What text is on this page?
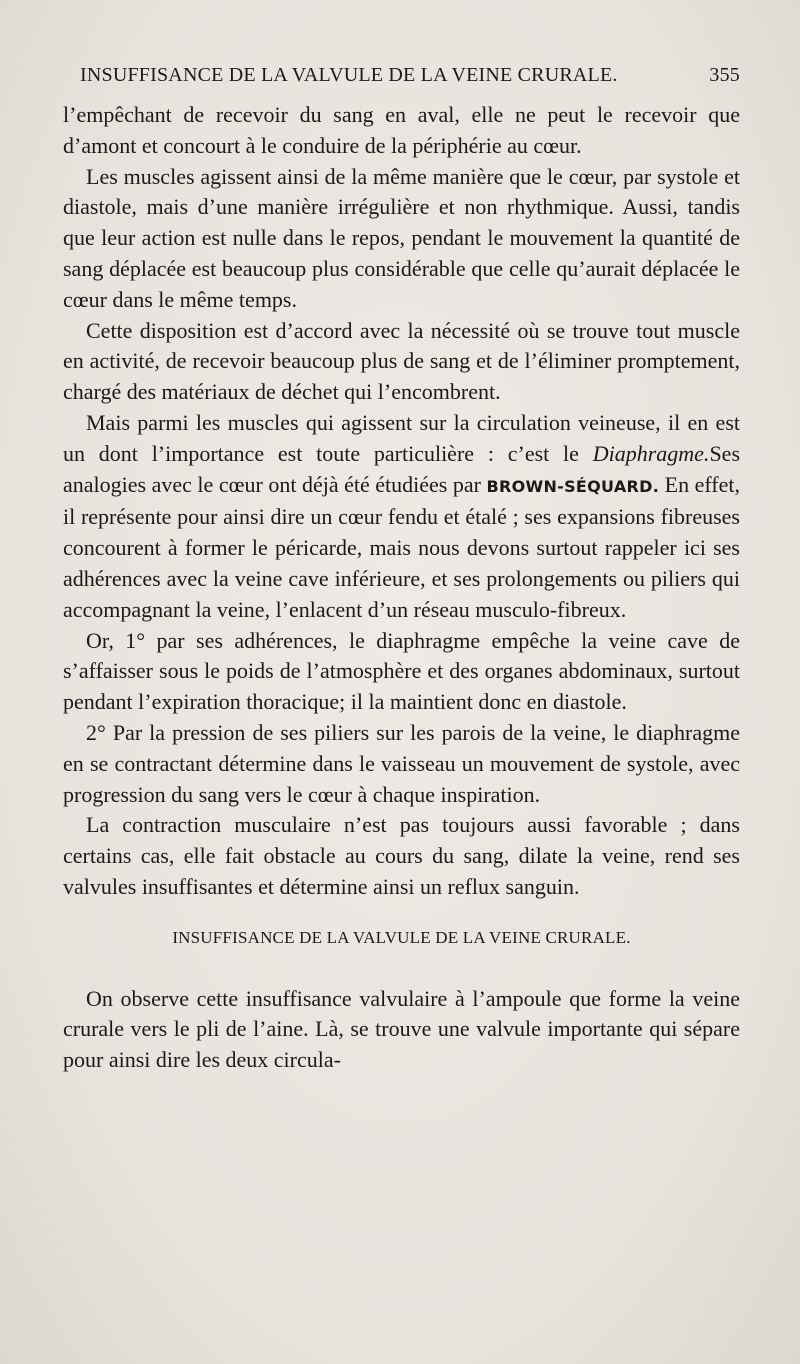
INSUFFISANCE DE LA VALVULE DE LA VEINE CRURALE.	355

l’empêchant de recevoir du sang en aval, elle ne peut le recevoir que d’amont et concourt à le conduire de la périphérie au cœur.

Les muscles agissent ainsi de la même manière que le cœur, par systole et diastole, mais d’une manière irrégulière et non rhythmique. Aussi, tandis que leur action est nulle dans le repos, pendant le mouvement la quantité de sang déplacée est beaucoup plus considérable que celle qu’aurait déplacée le cœur dans le même temps.

Cette disposition est d’accord avec la nécessité où se trouve tout muscle en activité, de recevoir beaucoup plus de sang et de l’éliminer promptement, chargé des matériaux de déchet qui l’encombrent.

Mais parmi les muscles qui agissent sur la circulation veineuse, il en est un dont l’importance est toute particulière : c’est le Diaphragme.Ses analogies avec le cœur ont déjà été étudiées par BROWN-SÉQUARD. En effet, il représente pour ainsi dire un cœur fendu et étalé ; ses expansions fibreuses concourent à former le péricarde, mais nous devons surtout rappeler ici ses adhérences avec la veine cave inférieure, et ses prolongements ou piliers qui accompagnant la veine, l’enlacent d’un réseau musculo-fibreux.

Or, 1° par ses adhérences, le diaphragme empêche la veine cave de s’affaisser sous le poids de l’atmosphère et des organes abdominaux, surtout pendant l’expiration thoracique; il la maintient donc en diastole.

2° Par la pression de ses piliers sur les parois de la veine, le diaphragme en se contractant détermine dans le vaisseau un mouvement de systole, avec progression du sang vers le cœur à chaque inspiration.

La contraction musculaire n’est pas toujours aussi favorable ; dans certains cas, elle fait obstacle au cours du sang, dilate la veine, rend ses valvules insuffisantes et détermine ainsi un reflux sanguin.

INSUFFISANCE DE LA VALVULE DE LA VEINE CRURALE.

On observe cette insuffisance valvulaire à l’ampoule que forme la veine crurale vers le pli de l’aine. Là, se trouve une valvule importante qui sépare pour ainsi dire les deux circula-
